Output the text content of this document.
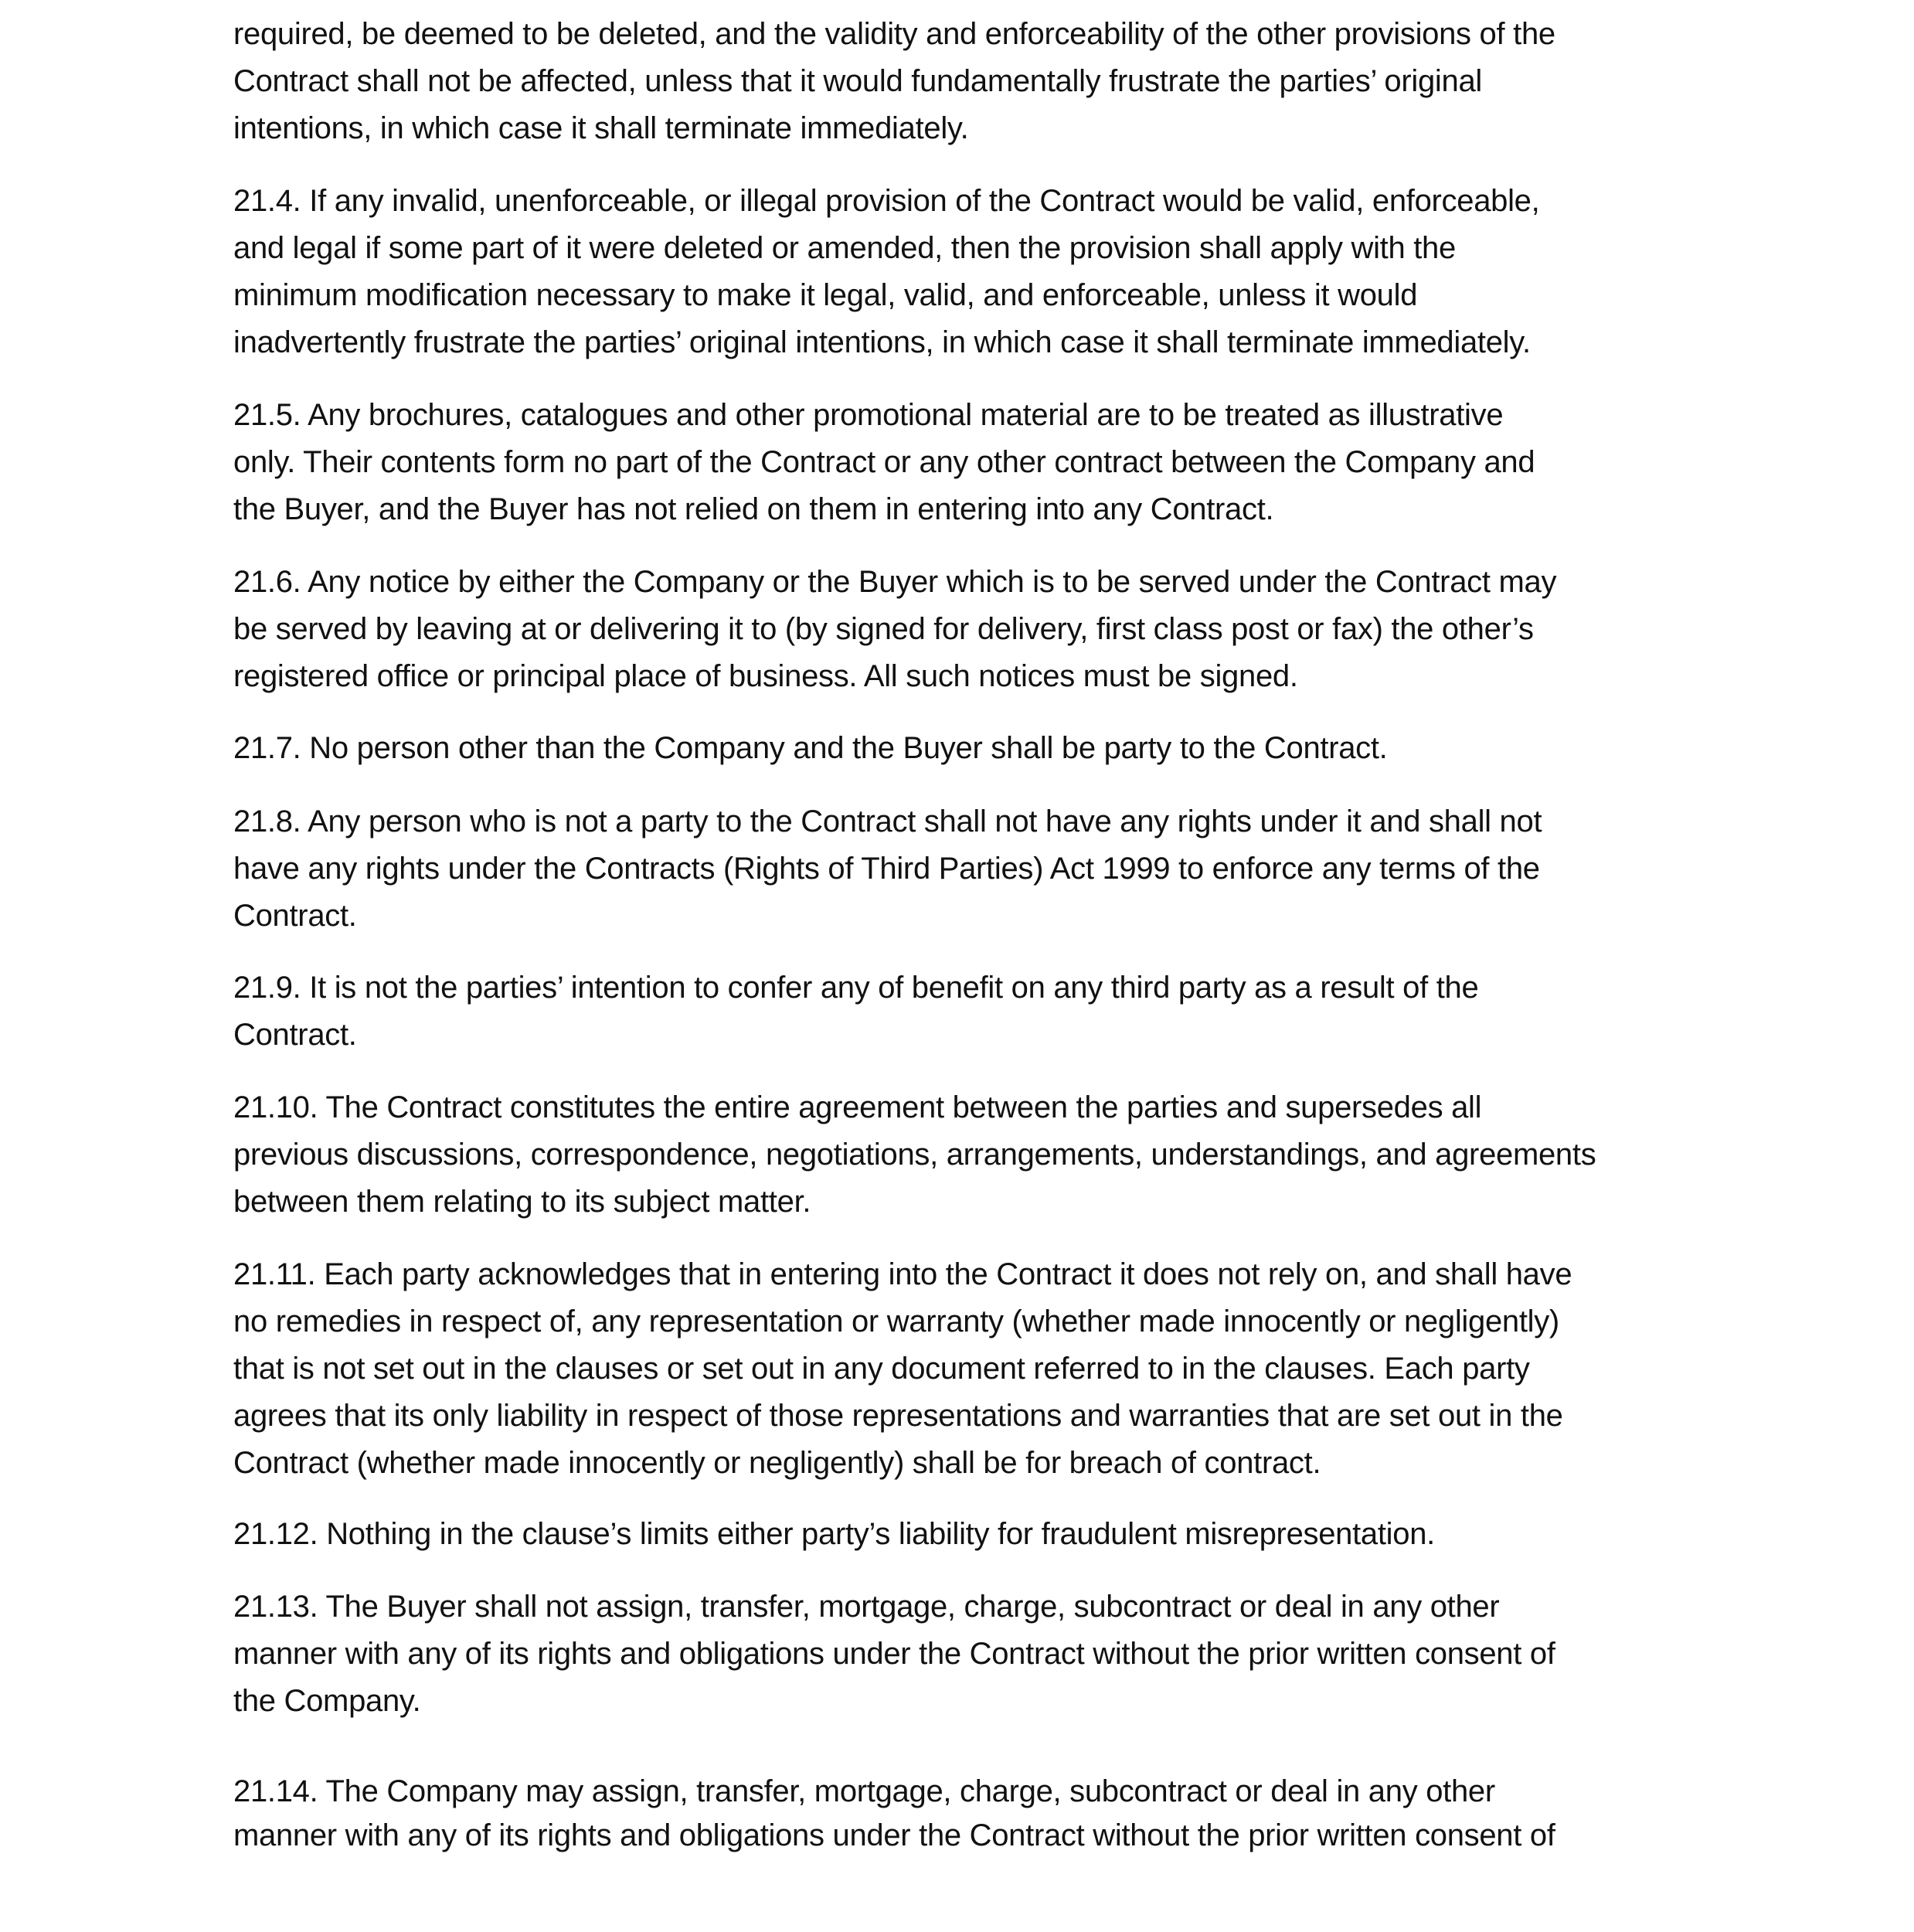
required, be deemed to be deleted, and the validity and enforceability of the other provisions of the
Contract shall not be affected, unless that it would fundamentally frustrate the parties’ original
intentions, in which case it shall terminate immediately.

21.4. If any invalid, unenforceable, or illegal provision of the Contract would be valid, enforceable,
and legal if some part of it were deleted or amended, then the provision shall apply with the
minimum modification necessary to make it legal, valid, and enforceable, unless it would
inadvertently frustrate the parties’ original intentions, in which case it shall terminate immediately.

21.5. Any brochures, catalogues and other promotional material are to be treated as illustrative
only. Their contents form no part of the Contract or any other contract between the Company and
the Buyer, and the Buyer has not relied on them in entering into any Contract.

21.6. Any notice by either the Company or the Buyer which is to be served under the Contract may
be served by leaving at or delivering it to (by signed for delivery, first class post or fax) the other’s
registered office or principal place of business. All such notices must be signed.

21.7. No person other than the Company and the Buyer shall be party to the Contract.

21.8. Any person who is not a party to the Contract shall not have any rights under it and shall not
have any rights under the Contracts (Rights of Third Parties) Act 1999 to enforce any terms of the
Contract.

21.9. It is not the parties’ intention to confer any of benefit on any third party as a result of the
Contract.

21.10. The Contract constitutes the entire agreement between the parties and supersedes all
previous discussions, correspondence, negotiations, arrangements, understandings, and agreements
between them relating to its subject matter.

21.11. Each party acknowledges that in entering into the Contract it does not rely on, and shall have
no remedies in respect of, any representation or warranty (whether made innocently or negligently)
that is not set out in the clauses or set out in any document referred to in the clauses. Each party
agrees that its only liability in respect of those representations and warranties that are set out in the
Contract (whether made innocently or negligently) shall be for breach of contract.

21.12. Nothing in the clause’s limits either party’s liability for fraudulent misrepresentation.

21.13. The Buyer shall not assign, transfer, mortgage, charge, subcontract or deal in any other
manner with any of its rights and obligations under the Contract without the prior written consent of
the Company.

21.14. The Company may assign, transfer, mortgage, charge, subcontract or deal in any other
manner with any of its rights and obligations under the Contract without the prior written consent of
